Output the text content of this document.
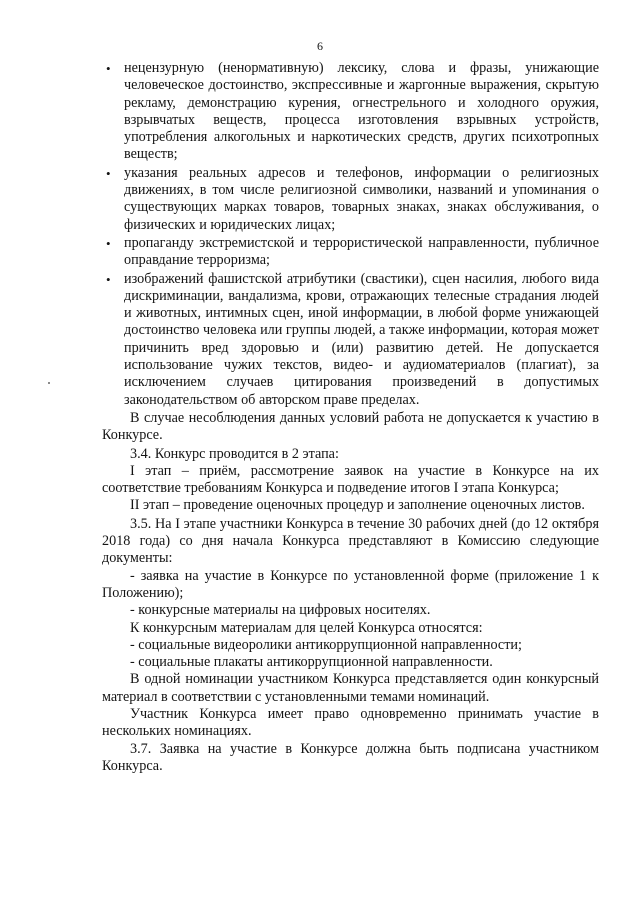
6
• нецензурную (ненормативную) лексику, слова и фразы, унижающие человеческое достоинство, экспрессивные и жаргонные выражения, скрытую рекламу, демонстрацию курения, огнестрельного и холодного оружия, взрывчатых веществ, процесса изготовления взрывных устройств, употребления алкогольных и наркотических средств, других психотропных веществ;
• указания реальных адресов и телефонов, информации о религиозных движениях, в том числе религиозной символики, названий и упоминания о существующих марках товаров, товарных знаках, знаках обслуживания, о физических и юридических лицах;
• пропаганду экстремистской и террористической направленности, публичное оправдание терроризма;
• изображений фашистской атрибутики (свастики), сцен насилия, любого вида дискриминации, вандализма, крови, отражающих телесные страдания людей и животных, интимных сцен, иной информации, в любой форме унижающей достоинство человека или группы людей, а также информации, которая может причинить вред здоровью и (или) развитию детей. Не допускается использование чужих текстов, видео- и аудиоматериалов (плагиат), за исключением случаев цитирования произведений в допустимых законодательством об авторском праве пределах.

В случае несоблюдения данных условий работа не допускается к участию в Конкурсе.

3.4. Конкурс проводится в 2 этапа:

I этап – приём, рассмотрение заявок на участие в Конкурсе на их соответствие требованиям Конкурса и подведение итогов I этапа Конкурса;

II этап – проведение оценочных процедур и заполнение оценочных листов.

3.5. На I этапе участники Конкурса в течение 30 рабочих дней (до 12 октября 2018 года) со дня начала Конкурса представляют в Комиссию следующие документы:

- заявка на участие в Конкурсе по установленной форме (приложение 1 к Положению);

- конкурсные материалы на цифровых носителях.

К конкурсным материалам для целей Конкурса относятся:

- социальные видеоролики антикоррупционной направленности;

- социальные плакаты антикоррупционной направленности.

В одной номинации участником Конкурса представляется один конкурсный материал в соответствии с установленными темами номинаций.

Участник Конкурса имеет право одновременно принимать участие в нескольких номинациях.

3.7. Заявка на участие в Конкурсе должна быть подписана участником Конкурса.
